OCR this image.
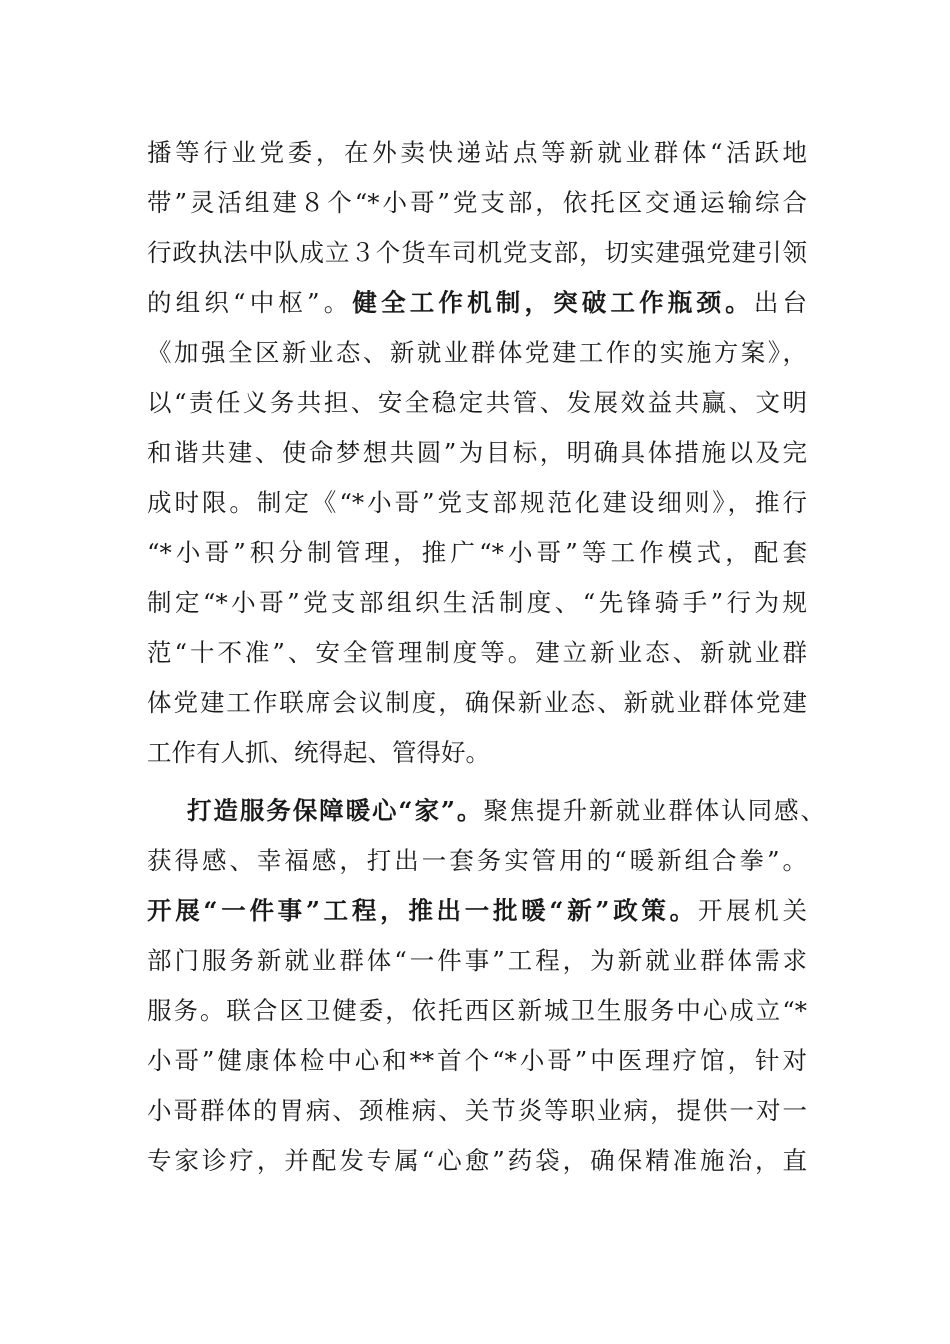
播等行业党委，在外卖快递站点等新就业群体“活跃地
带”灵活组建８个“*小哥”党支部，依托区交通运输综合
行政执法中队成立３个货车司机党支部，切实建强党建引领
的组织“中枢”。健全工作机制，突破工作瓶颈。出台
《加强全区新业态、新就业群体党建工作的实施方案》，
以“责任义务共担、安全稳定共管、发展效益共赢、文明
和谐共建、使命梦想共圆”为目标，明确具体措施以及完
成时限。制定《“*小哥”党支部规范化建设细则》，推行
“*小哥”积分制管理，推广“*小哥”等工作模式，配套
制定“*小哥”党支部组织生活制度、“先锋骑手”行为规
范“十不准”、安全管理制度等。建立新业态、新就业群
体党建工作联席会议制度，确保新业态、新就业群体党建
工作有人抓、统得起、管得好。
打造服务保障暖心“家”。聚焦提升新就业群体认同感、
获得感、幸福感，打出一套务实管用的“暖新组合拳”。
开展“一件事”工程，推出一批暖“新”政策。开展机关
部门服务新就业群体“一件事”工程，为新就业群体需求
服务。联合区卫健委，依托西区新城卫生服务中心成立“*
小哥”健康体检中心和**首个“*小哥”中医理疗馆，针对
小哥群体的胃病、颈椎病、关节炎等职业病，提供一对一
专家诊疗，并配发专属“心愈”药袋，确保精准施治，直
